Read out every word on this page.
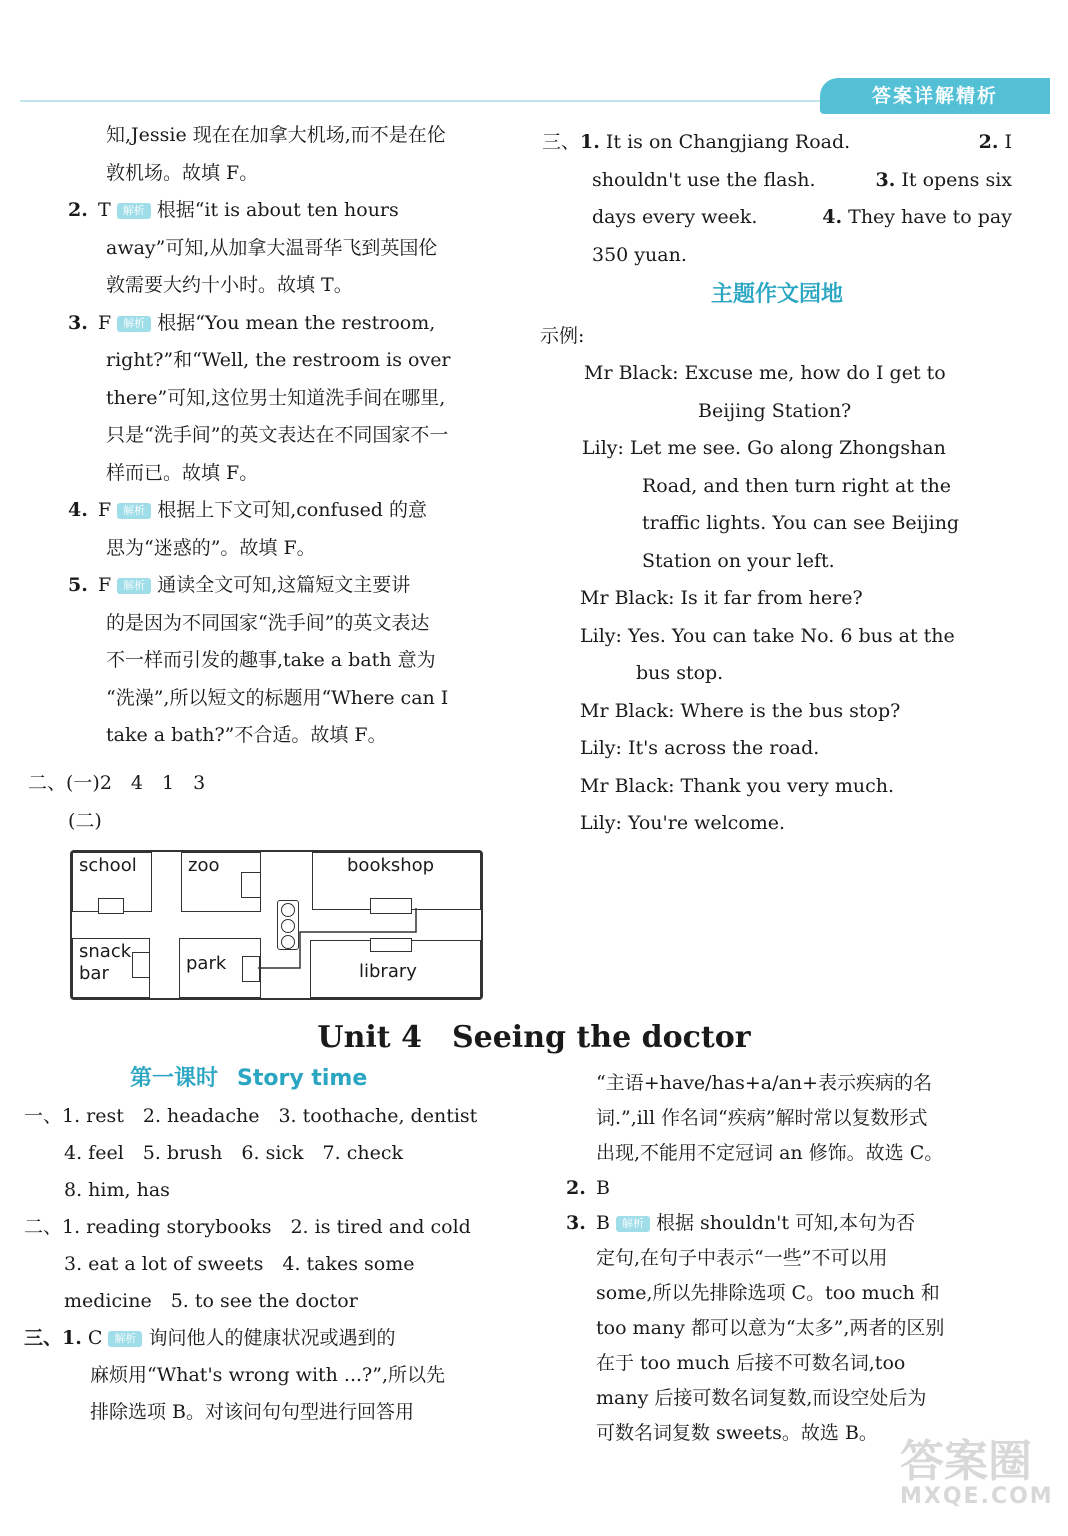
答案详解精析

知,Jessie 现在在加拿大机场,而不是在伦

敦机场。故填 F。

2. T 解析 根据“it is about ten hours

away”可知,从加拿大温哥华飞到英国伦

敦需要大约十小时。故填 T。

3. F 解析 根据“You mean the restroom,

right?”和“Well, the restroom is over

there”可知,这位男士知道洗手间在哪里,

只是“洗手间”的英文表达在不同国家不一

样而已。故填 F。

4. F 解析 根据上下文可知,confused 的意

思为“迷惑的”。故填 F。

5. F 解析 通读全文可知,这篇短文主要讲

的是因为不同国家“洗手间”的英文表达

不一样而引发的趣事,take a bath 意为

“洗澡”,所以短文的标题用“Where can I

take a bath?”不合适。故填 F。

二、(一)2　4　1　3

(二)

school	zoo	bookshop
snack
bar	park	library

三、1. It is on Changjiang Road.	2. I

shouldn't use the flash.	3. It opens six

days every week.	4. They have to pay

350 yuan.

主题作文园地

示例:

Mr Black: Excuse me, how do I get to

Beijing Station?

Lily: Let me see. Go along Zhongshan

Road, and then turn right at the

traffic lights. You can see Beijing

Station on your left.

Mr Black: Is it far from here?

Lily: Yes. You can take No. 6 bus at the

bus stop.

Mr Black: Where is the bus stop?

Lily: It's across the road.

Mr Black: Thank you very much.

Lily: You're welcome.

Unit 4　Seeing the doctor

第一课时　 Story time

一、1. rest　2. headache　3. toothache, dentist

4. feel　5. brush　6. sick　7. check

8. him, has

二、1. reading storybooks　2. is tired and cold

3. eat a lot of sweets　4. takes some

medicine　5. to see the doctor

三、1. C 解析 询问他人的健康状况或遇到的

麻烦用“What's wrong with ...?”,所以先

排除选项 B。对该问句句型进行回答用

“主语+have/has+a/an+表示疾病的名

词.”,ill 作名词“疾病”解时常以复数形式

出现,不能用不定冠词 an 修饰。故选 C。

2. B

3. B 解析 根据 shouldn't 可知,本句为否

定句,在句子中表示“一些”不可以用

some,所以先排除选项 C。too much 和

too many 都可以意为“太多”,两者的区别

在于 too much 后接不可数名词,too

many 后接可数名词复数,而设空处后为

可数名词复数 sweets。故选 B。

答案圈
MXQE.COM
